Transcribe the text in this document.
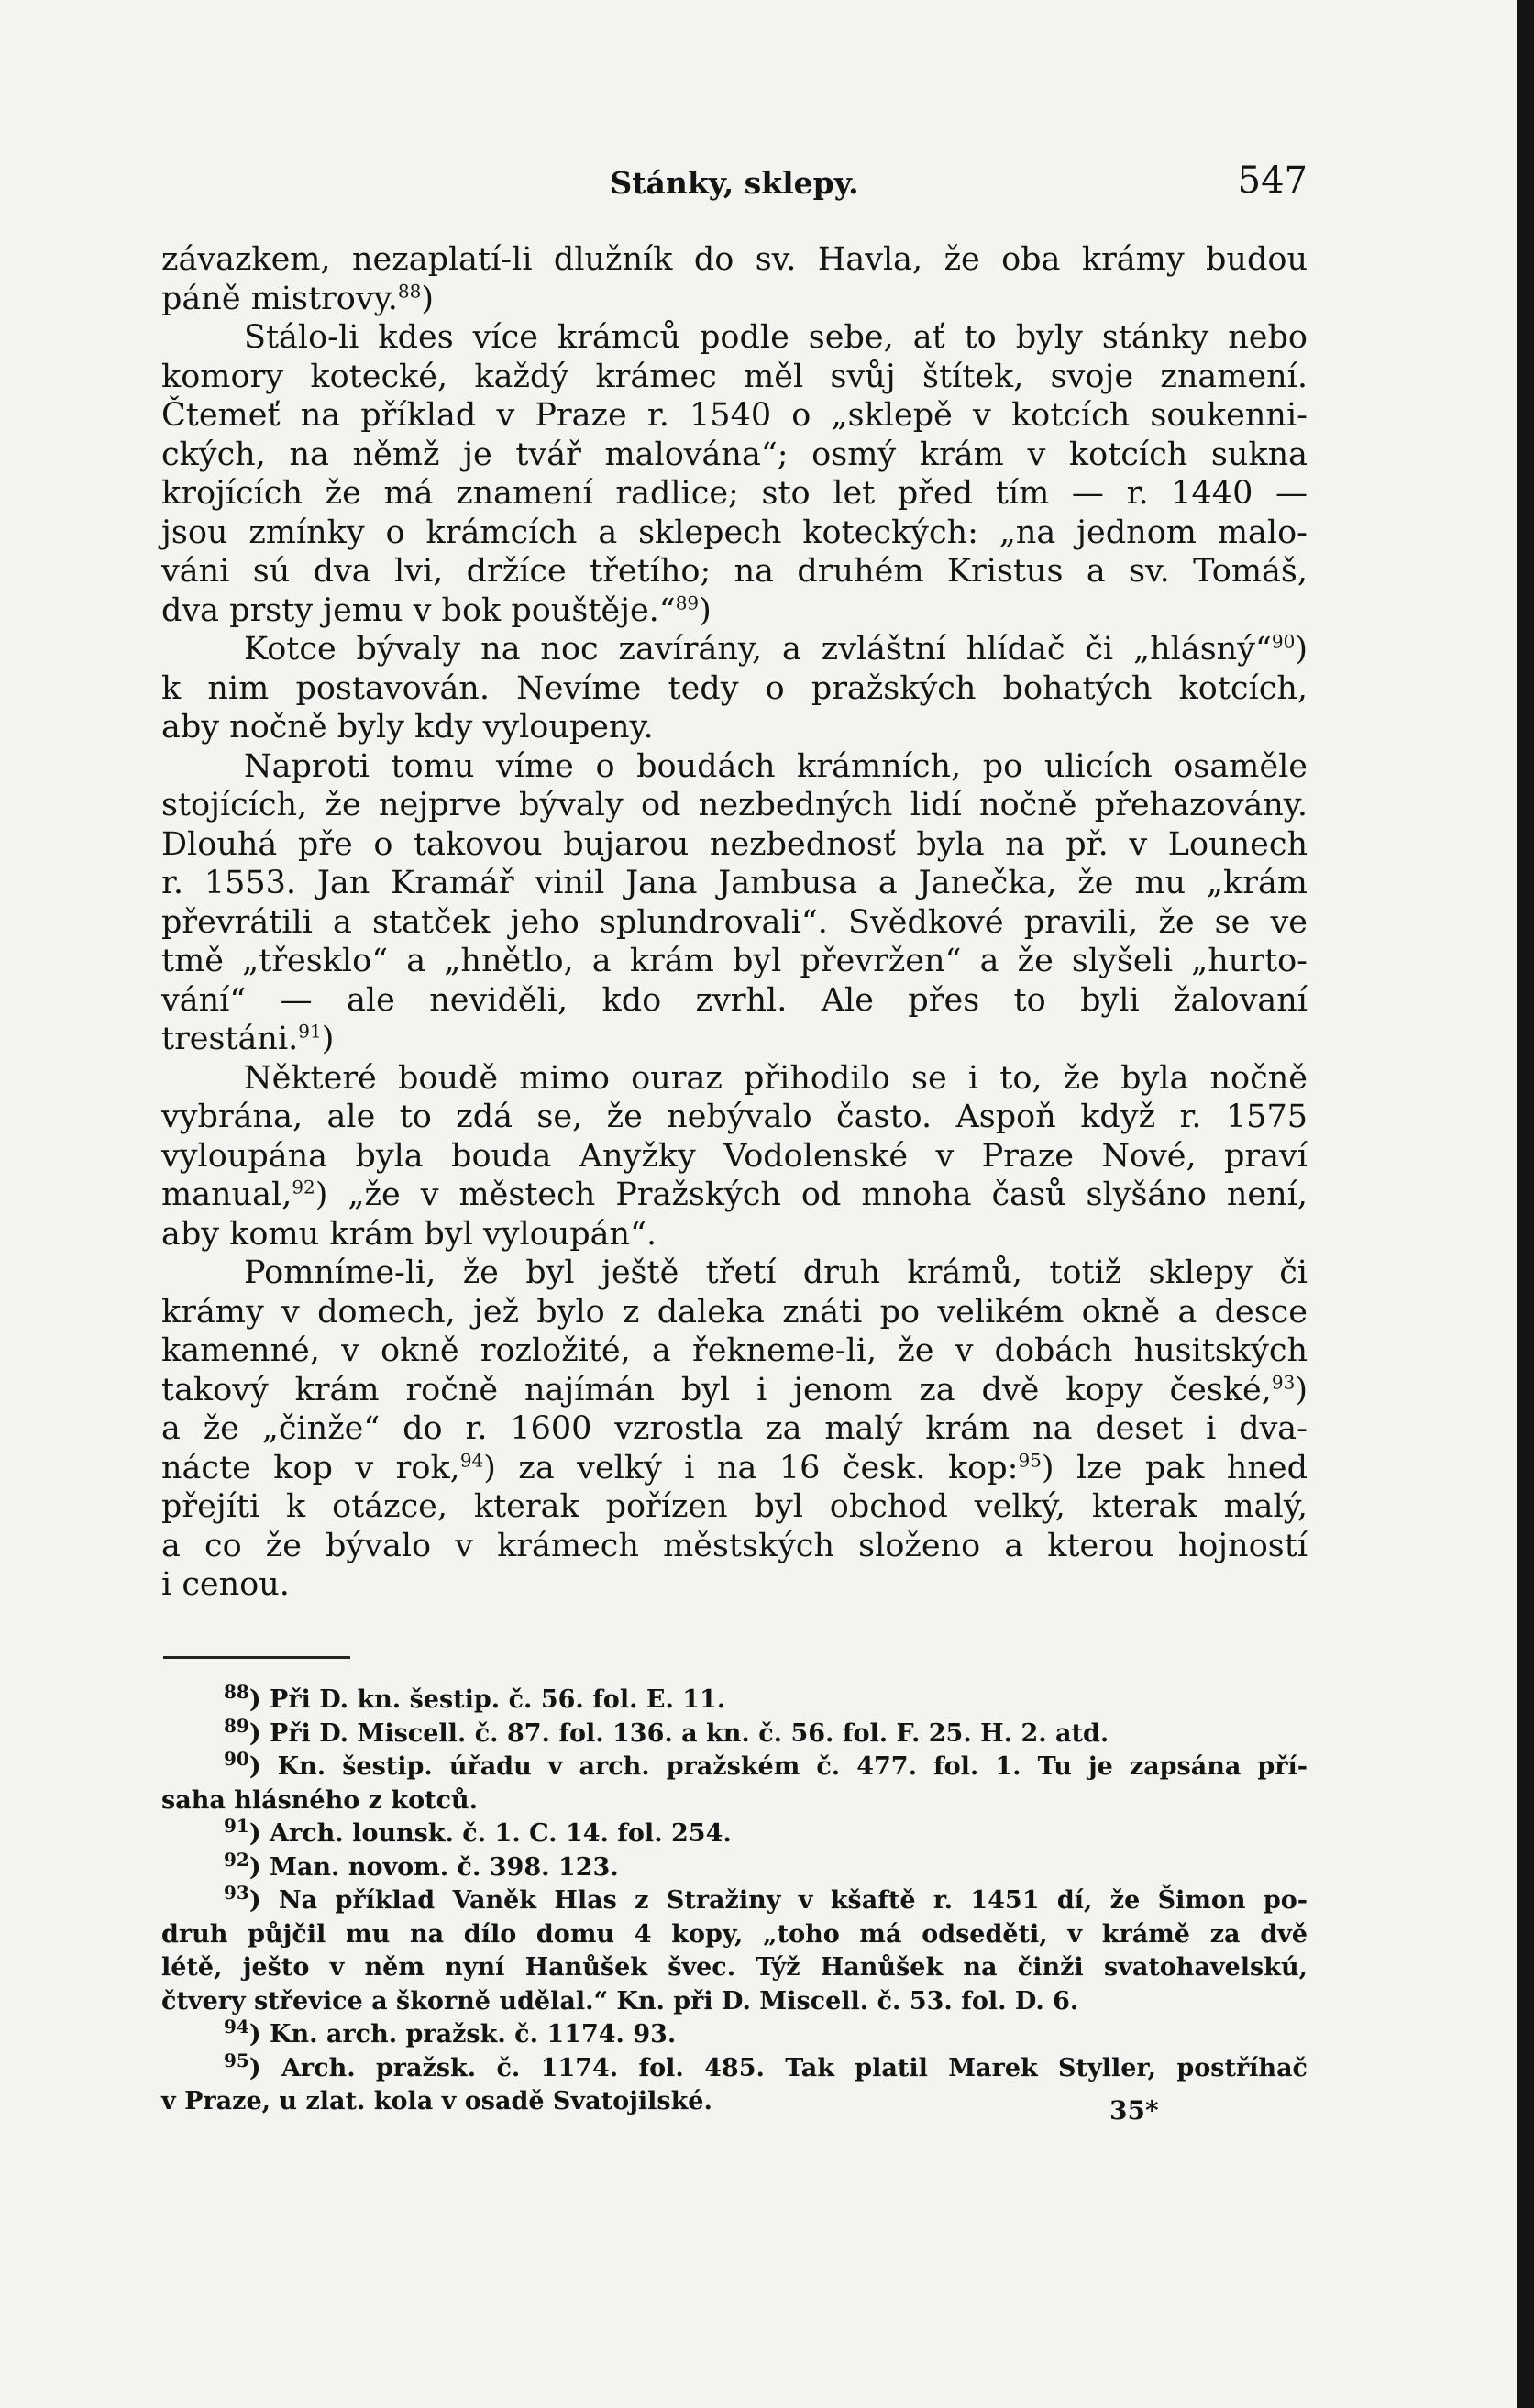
Stánky, sklepy.	547
závazkem, nezaplatí-li dlužník do sv. Havla, že oba krámy budou
páně mistrovy.$^{88}$)
Stálo-li kdes více krámců podle sebe, ať to byly stánky nebo
komory kotecké, každý krámec měl svůj štítek, svoje znamení.
Čtemeť na příklad v Praze r. 1540 o „sklepě v kotcích soukenni-
ckých, na němž je tvář malována“; osmý krám v kotcích sukna
krojících že má znamení radlice; sto let před tím — r. 1440 —
jsou zmínky o krámcích a sklepech koteckých: „na jednom malo-
váni sú dva lvi, držíce třetího; na druhém Kristus a sv. Tomáš,
dva prsty jemu v bok pouštěje.“$^{89}$)
Kotce bývaly na noc zavírány, a zvláštní hlídač či „hlásný“$^{90}$)
k nim postavován. Nevíme tedy o pražských bohatých kotcích,
aby nočně byly kdy vyloupeny.
Naproti tomu víme o boudách krámních, po ulicích osaměle
stojících, že nejprve bývaly od nezbedných lidí nočně přehazovány.
Dlouhá pře o takovou bujarou nezbednosť byla na př. v Lounech
r. 1553. Jan Kramář vinil Jana Jambusa a Janečka, že mu „krám
převrátili a statček jeho splundrovali“. Svědkové pravili, že se ve
tmě „třesklo“ a „hnětlo, a krám byl převržen“ a že slyšeli „hurto-
vání“ — ale neviděli, kdo zvrhl. Ale přes to byli žalovaní
trestáni.$^{91}$)
Některé boudě mimo ouraz přihodilo se i to, že byla nočně
vybrána, ale to zdá se, že nebývalo často. Aspoň když r. 1575
vyloupána byla bouda Anyžky Vodolenské v Praze Nové, praví
manual,$^{92}$) „že v městech Pražských od mnoha časů slyšáno není,
aby komu krám byl vyloupán“.
Pomníme-li, že byl ještě třetí druh krámů, totiž sklepy či
krámy v domech, jež bylo z daleka znáti po velikém okně a desce
kamenné, v okně rozložité, a řekneme-li, že v dobách husitských
takový krám ročně najímán byl i jenom za dvě kopy české,$^{93}$)
a že „činže“ do r. 1600 vzrostla za malý krám na deset i dva-
nácte kop v rok,$^{94}$) za velký i na 16 česk. kop:$^{95}$) lze pak hned
přejíti k otázce, kterak pořízen byl obchod velký, kterak malý,
a co že bývalo v krámech městských složeno a kterou hojností
i cenou.
$^{88}$) Při D. kn. šestip. č. 56. fol. E. 11.
$^{89}$) Při D. Miscell. č. 87. fol. 136. a kn. č. 56. fol. F. 25. H. 2. atd.
$^{90}$) Kn. šestip. úřadu v arch. pražském č. 477. fol. 1. Tu je zapsána pří-
saha hlásného z kotců.
$^{91}$) Arch. lounsk. č. 1. C. 14. fol. 254.
$^{92}$) Man. novom. č. 398. 123.
$^{93}$) Na příklad Vaněk Hlas z Stražiny v kšaftě r. 1451 dí, že Šimon po-
druh půjčil mu na dílo domu 4 kopy, „toho má odseděti, v krámě za dvě
létě, ješto v něm nyní Hanůšek švec. Týž Hanůšek na činži svatohavelskú,
čtvery střevice a škorně udělal.“ Kn. při D. Miscell. č. 53. fol. D. 6.
$^{94}$) Kn. arch. pražsk. č. 1174. 93.
$^{95}$) Arch. pražsk. č. 1174. fol. 485. Tak platil Marek Styller, postříhač
v Praze, u zlat. kola v osadě Svatojilské.	35*
